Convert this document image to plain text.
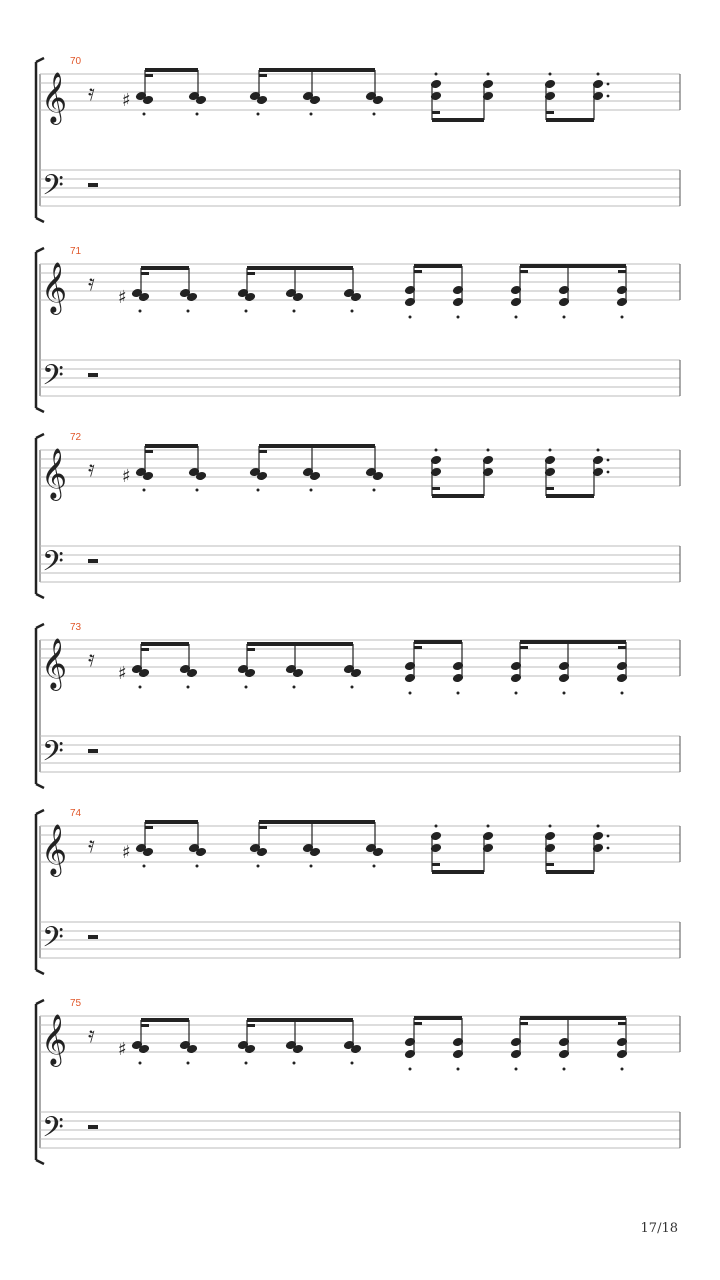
70
𝄞
𝄢
𝄿 ♯
71
𝄞
𝄢
𝄿
♯
72
𝄞
𝄢
𝄿 ♯
73
𝄞
𝄢
𝄿
♯
74
𝄞
𝄢
𝄿 ♯
75
𝄞
𝄢
𝄿
♯
17/18
